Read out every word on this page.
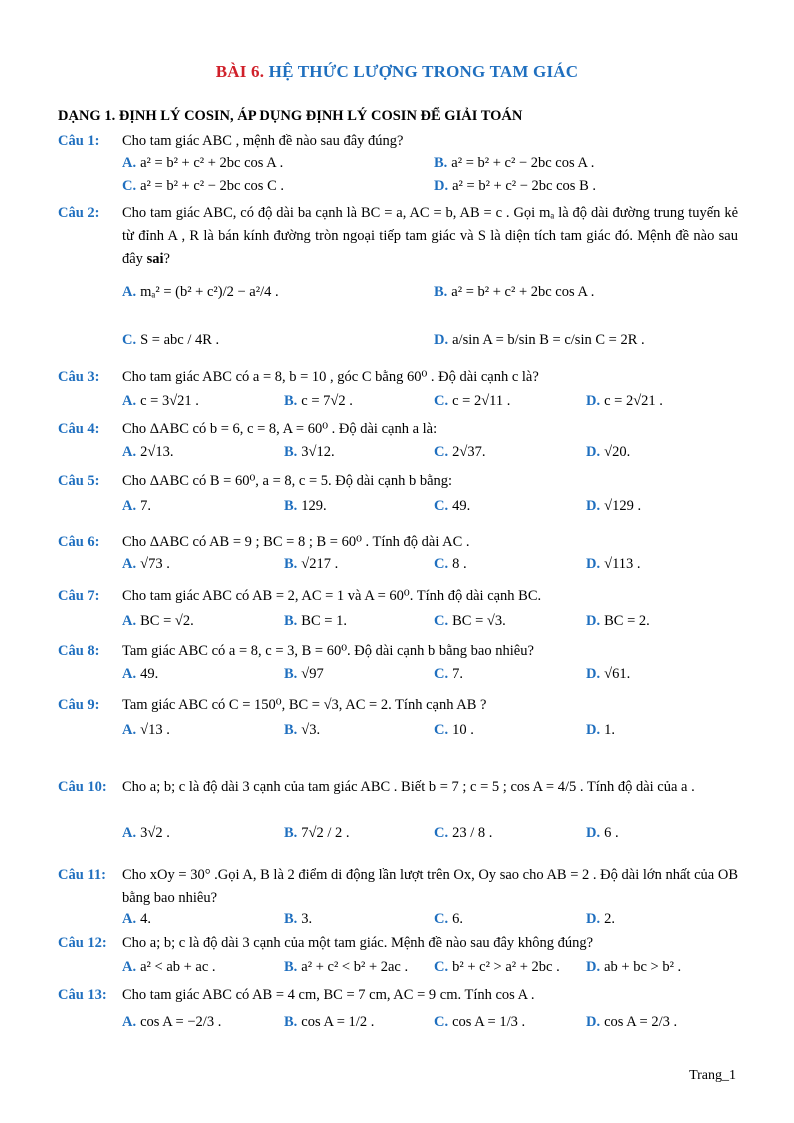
BÀI 6. HỆ THỨC LƯỢNG TRONG TAM GIÁC
DẠNG 1. ĐỊNH LÝ COSIN, ÁP DỤNG ĐỊNH LÝ COSIN ĐỂ GIẢI TOÁN
Câu 1: Cho tam giác ABC , mệnh đề nào sau đây đúng?
A. a² = b² + c² + 2bc cos A .	B. a² = b² + c² − 2bc cos A .
C. a² = b² + c² − 2bc cos C .	D. a² = b² + c² − 2bc cos B .
Câu 2: Cho tam giác ABC, có độ dài ba cạnh là BC = a, AC = b, AB = c . Gọi mₐ là độ dài đường trung tuyến kẻ từ đỉnh A , R là bán kính đường tròn ngoại tiếp tam giác và S là diện tích tam giác đó. Mệnh đề nào sau đây sai?
A. mₐ² = (b² + c²)/2 − a²/4 .	B. a² = b² + c² + 2bc cos A .
C. S = abc / 4R .	D. a/sin A = b/sin B = c/sin C = 2R .
Câu 3: Cho tam giác ABC có a = 8, b = 10 , góc C bằng 60⁰ . Độ dài cạnh c là?
A. c = 3√21 .	B. c = 7√2 .	C. c = 2√11 .	D. c = 2√21 .
Câu 4: Cho ΔABC có b = 6, c = 8, A = 60⁰ . Độ dài cạnh a là:
A. 2√13.	B. 3√12.	C. 2√37.	D. √20.
Câu 5: Cho ΔABC có B = 60⁰, a = 8, c = 5. Độ dài cạnh b bằng:
A. 7.	B. 129.	C. 49.	D. √129 .
Câu 6: Cho ΔABC có AB = 9 ; BC = 8 ; B = 60⁰ . Tính độ dài AC .
A. √73 .	B. √217 .	C. 8 .	D. √113 .
Câu 7: Cho tam giác ABC có AB = 2, AC = 1 và A = 60⁰. Tính độ dài cạnh BC.
A. BC = √2.	B. BC = 1.	C. BC = √3.	D. BC = 2.
Câu 8: Tam giác ABC có a = 8, c = 3, B = 60⁰. Độ dài cạnh b bằng bao nhiêu?
A. 49.	B. √97	C. 7.	D. √61.
Câu 9: Tam giác ABC có C = 150⁰, BC = √3, AC = 2. Tính cạnh AB ?
A. √13 .	B. √3.	C. 10 .	D. 1.
Câu 10: Cho a; b; c là độ dài 3 cạnh của tam giác ABC . Biết b = 7 ; c = 5 ; cos A = 4/5 . Tính độ dài của a .
A. 3√2 .	B. 7√2 / 2 .	C. 23 / 8 .	D. 6 .
Câu 11: Cho xOy = 30° .Gọi A, B là 2 điểm di động lần lượt trên Ox, Oy sao cho AB = 2 . Độ dài lớn nhất của OB bằng bao nhiêu?
A. 4.	B. 3.	C. 6.	D. 2.
Câu 12: Cho a; b; c là độ dài 3 cạnh của một tam giác. Mệnh đề nào sau đây không đúng?
A. a² < ab + ac .	B. a² + c² < b² + 2ac . C. b² + c² > a² + 2bc . D. ab + bc > b² .
Câu 13: Cho tam giác ABC có AB = 4 cm, BC = 7 cm, AC = 9 cm. Tính cos A .
A. cos A = −2/3 .	B. cos A = 1/2 .	C. cos A = 1/3 .	D. cos A = 2/3 .
Trang_1
